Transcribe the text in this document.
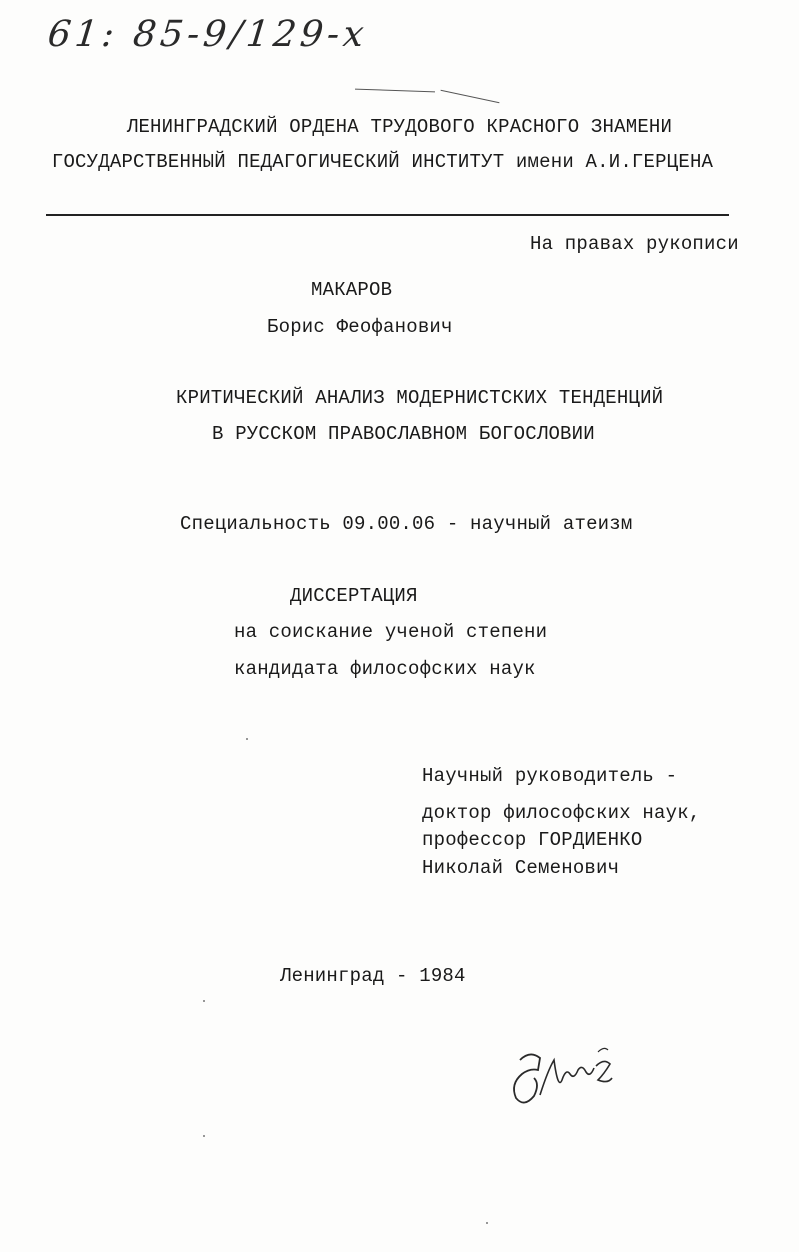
61: 85-9/129-x
ЛЕНИНГРАДСКИЙ ОРДЕНА ТРУДОВОГО КРАСНОГО ЗНАМЕНИ
ГОСУДАРСТВЕННЫЙ ПЕДАГОГИЧЕСКИЙ ИНСТИТУТ имени А.И.ГЕРЦЕНА
На правах рукописи
МАКАРОВ
Борис Феофанович
КРИТИЧЕСКИЙ АНАЛИЗ МОДЕРНИСТСКИХ ТЕНДЕНЦИЙ
В РУССКОМ ПРАВОСЛАВНОМ БОГОСЛОВИИ
Специальность 09.00.06 - научный атеизм
ДИССЕРТАЦИЯ
на соискание ученой степени
кандидата философских наук
Научный руководитель -
доктор философских наук,
профессор ГОРДИЕНКО
Николай Семенович
Ленинград - 1984
